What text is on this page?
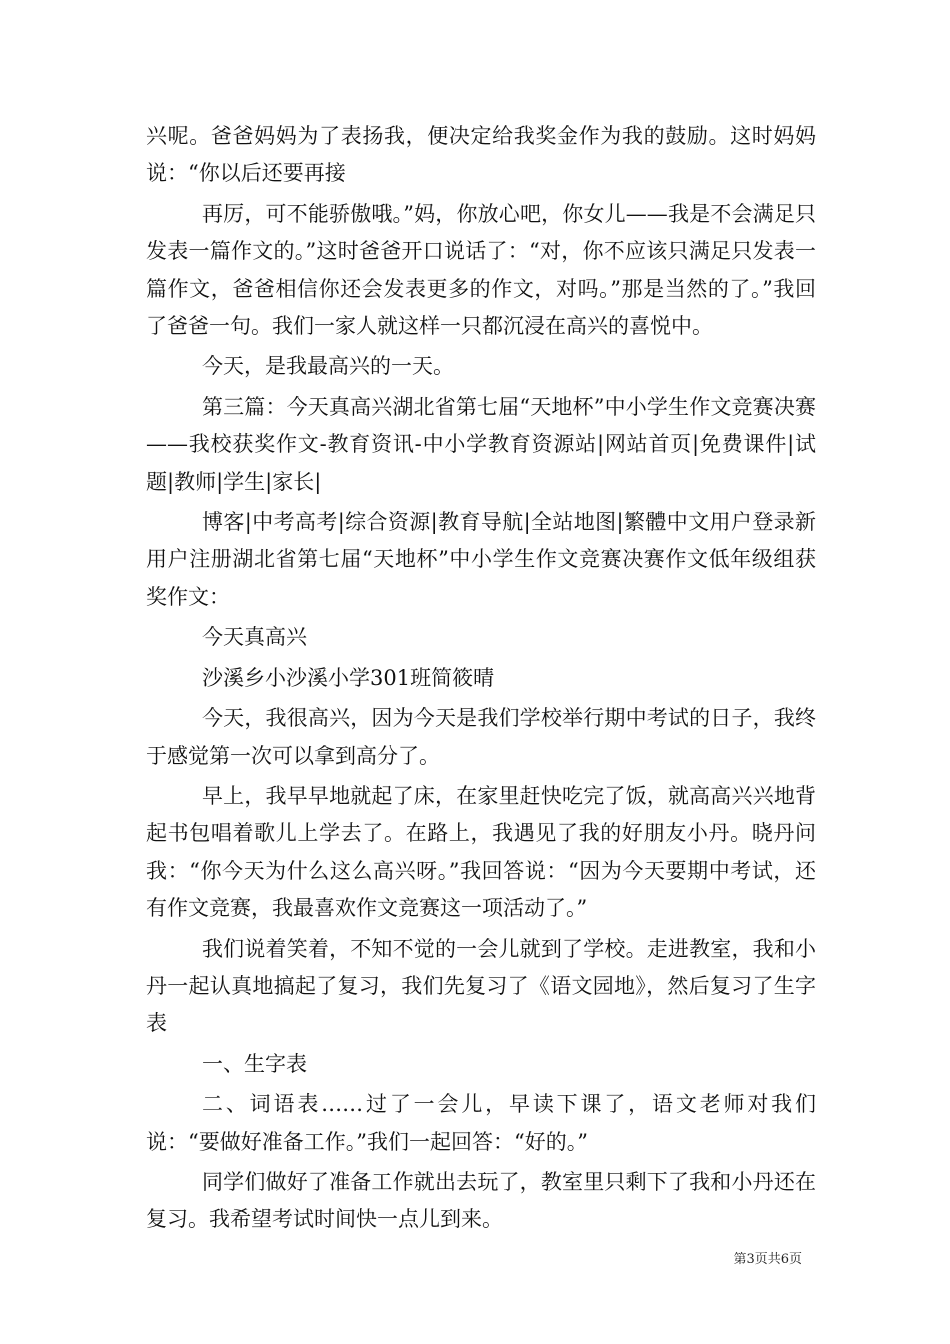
兴呢。爸爸妈妈为了表扬我，便决定给我奖金作为我的鼓励。这时妈妈说：“你以后还要再接

再厉，可不能骄傲哦。”妈，你放心吧，你女儿——我是不会满足只发表一篇作文的。”这时爸爸开口说话了：“对，你不应该只满足只发表一篇作文，爸爸相信你还会发表更多的作文，对吗。”那是当然的了。”我回了爸爸一句。我们一家人就这样一只都沉浸在高兴的喜悦中。

今天，是我最高兴的一天。

第三篇：今天真高兴湖北省第七届“天地杯”中小学生作文竞赛决赛——我校获奖作文-教育资讯-中小学教育资源站|网站首页|免费课件|试题|教师|学生|家长|

博客|中考高考|综合资源|教育导航|全站地图|繁體中文用户登录新用户注册湖北省第七届“天地杯”中小学生作文竞赛决赛作文低年级组获奖作文：

今天真高兴

沙溪乡小沙溪小学301班简筱晴

今天，我很高兴，因为今天是我们学校举行期中考试的日子，我终于感觉第一次可以拿到高分了。

早上，我早早地就起了床，在家里赶快吃完了饭，就高高兴兴地背起书包唱着歌儿上学去了。在路上，我遇见了我的好朋友小丹。晓丹问我：“你今天为什么这么高兴呀。”我回答说：“因为今天要期中考试，还有作文竞赛，我最喜欢作文竞赛这一项活动了。”

我们说着笑着，不知不觉的一会儿就到了学校。走进教室，我和小丹一起认真地搞起了复习，我们先复习了《语文园地》，然后复习了生字表

一、生字表

二、词语表……过了一会儿，早读下课了，语文老师对我们说：“要做好准备工作。”我们一起回答：“好的。”

同学们做好了准备工作就出去玩了，教室里只剩下了我和小丹还在复习。我希望考试时间快一点儿到来。

第3页共6页
